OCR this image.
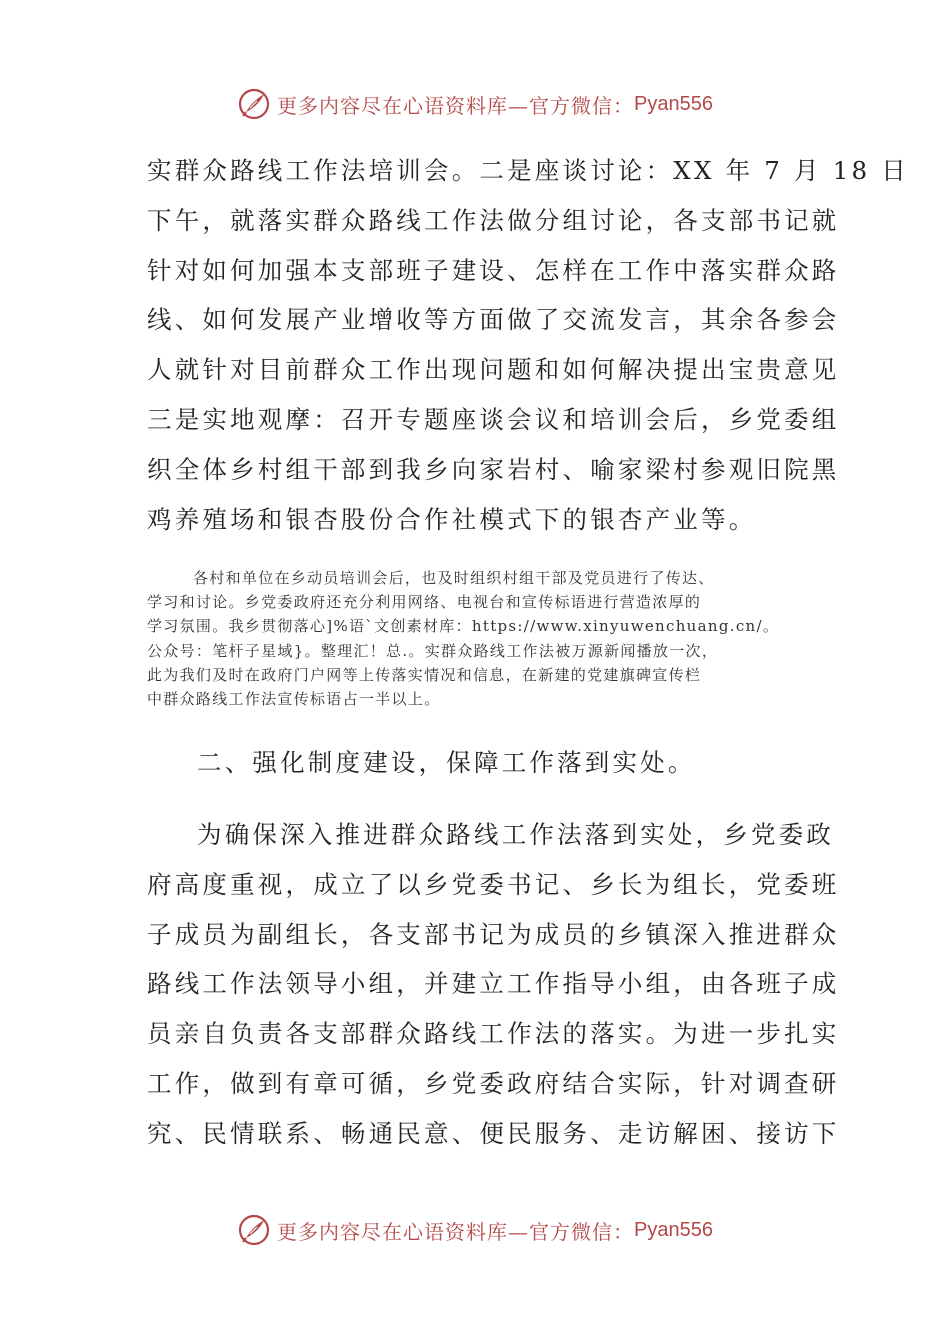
更多内容尽在心语资料库—官方微信： Pyan556

实群众路线工作法培训会。二是座谈讨论：XX 年 7 月 18 日

下午，就落实群众路线工作法做分组讨论，各支部书记就

针对如何加强本支部班子建设、怎样在工作中落实群众路

线、如何发展产业增收等方面做了交流发言，其余各参会

人就针对目前群众工作出现问题和如何解决提出宝贵意见

三是实地观摩：召开专题座谈会议和培训会后，乡党委组

织全体乡村组干部到我乡向家岩村、喻家梁村参观旧院黑

鸡养殖场和银杏股份合作社模式下的银杏产业等。

各村和单位在乡动员培训会后，也及时组织村组干部及党员进行了传达、

学习和讨论。乡党委政府还充分利用网络、电视台和宣传标语进行营造浓厚的

学习氛围。我乡贯彻落心]%语`文创素材库：https://www.xinyuwenchuang.cn/。

公众号：笔杆子星域}。整理汇！总.。实群众路线工作法被万源新闻播放一次，

此为我们及时在政府门户网等上传落实情况和信息，在新建的党建旗碑宣传栏

中群众路线工作法宣传标语占一半以上。

二、强化制度建设，保障工作落到实处。

为确保深入推进群众路线工作法落到实处，乡党委政

府高度重视，成立了以乡党委书记、乡长为组长，党委班

子成员为副组长，各支部书记为成员的乡镇深入推进群众

路线工作法领导小组，并建立工作指导小组，由各班子成

员亲自负责各支部群众路线工作法的落实。为进一步扎实

工作，做到有章可循，乡党委政府结合实际，针对调查研

究、民情联系、畅通民意、便民服务、走访解困、接访下

更多内容尽在心语资料库—官方微信： Pyan556
